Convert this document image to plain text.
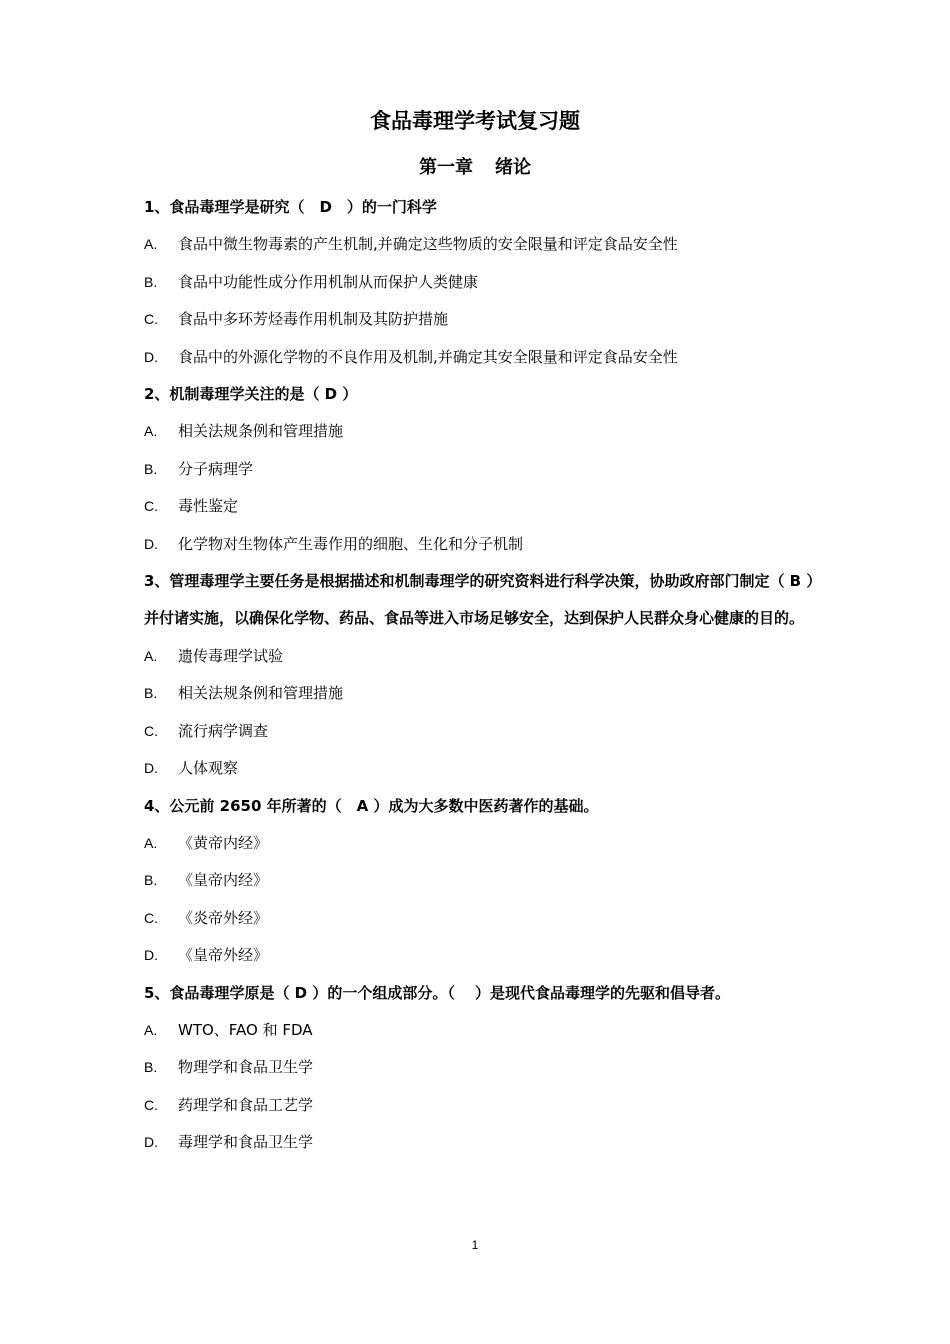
食品毒理学考试复习题
第一章 绪论
1、食品毒理学是研究（　D　）的一门科学
A.	食品中微生物毒素的产生机制,并确定这些物质的安全限量和评定食品安全性
B.	食品中功能性成分作用机制从而保护人类健康
C.	食品中多环芳烃毒作用机制及其防护措施
D.	食品中的外源化学物的不良作用及机制,并确定其安全限量和评定食品安全性
2、机制毒理学关注的是（ D ）
A.	相关法规条例和管理措施
B.	分子病理学
C.	毒性鉴定
D.	化学物对生物体产生毒作用的细胞、生化和分子机制
3、管理毒理学主要任务是根据描述和机制毒理学的研究资料进行科学决策，协助政府部门制定（ B ）并付诸实施，以确保化学物、药品、食品等进入市场足够安全，达到保护人民群众身心健康的目的。
A.	遗传毒理学试验
B.	相关法规条例和管理措施
C.	流行病学调查
D.	人体观察
4、公元前 2650 年所著的（　A ）成为大多数中医药著作的基础。
A.	《黄帝内经》
B.	《皇帝内经》
C.	《炎帝外经》
D.	《皇帝外经》
5、食品毒理学原是（ D ）的一个组成部分。（　 ）是现代食品毒理学的先驱和倡导者。
A.	WTO、FAO 和 FDA
B.	物理学和食品卫生学
C.	药理学和食品工艺学
D.	毒理学和食品卫生学
1
